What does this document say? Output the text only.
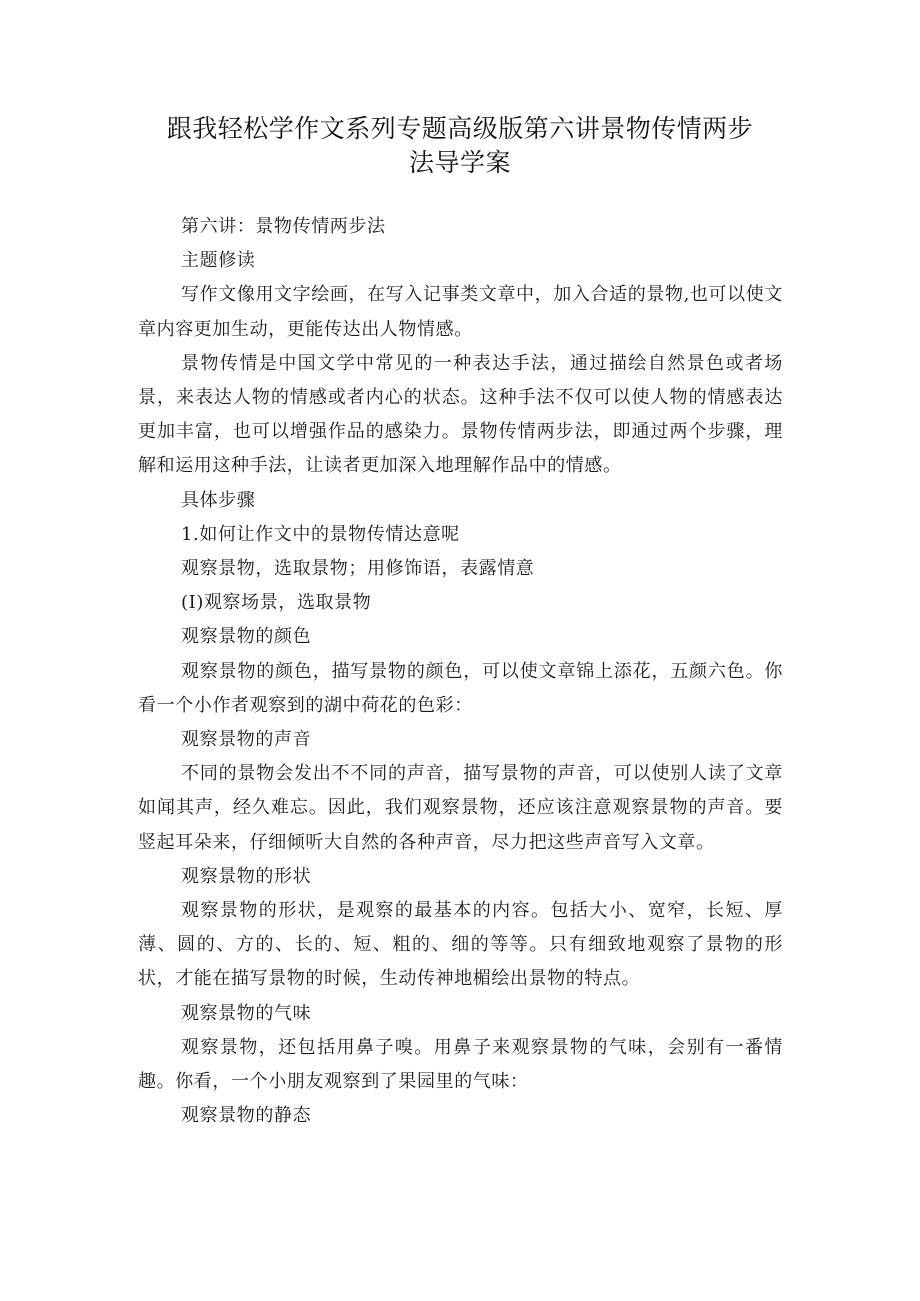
跟我轻松学作文系列专题高级版第六讲景物传情两步
法导学案

第六讲：景物传情两步法

主题修读

写作文像用文字绘画，在写入记事类文章中，加入合适的景物,也可以使文章内容更加生动，更能传达出人物情感。

景物传情是中国文学中常见的一种表达手法，通过描绘自然景色或者场景，来表达人物的情感或者内心的状态。这种手法不仅可以使人物的情感表达更加丰富，也可以增强作品的感染力。景物传情两步法，即通过两个步骤，理解和运用这种手法，让读者更加深入地理解作品中的情感。

具体步骤

1.如何让作文中的景物传情达意呢

观察景物，选取景物；用修饰语，表露情意

(I)观察场景，选取景物

观察景物的颜色

观察景物的颜色，描写景物的颜色，可以使文章锦上添花，五颜六色。你看一个小作者观察到的湖中荷花的色彩：

观察景物的声音

不同的景物会发出不不同的声音，描写景物的声音，可以使别人读了文章如闻其声，经久难忘。因此，我们观察景物，还应该注意观察景物的声音。要竖起耳朵来，仔细倾听大自然的各种声音，尽力把这些声音写入文章。

观察景物的形状

观察景物的形状，是观察的最基本的内容。包括大小、宽窄，长短、厚薄、圆的、方的、长的、短、粗的、细的等等。只有细致地观察了景物的形状，才能在描写景物的时候，生动传神地楣绘出景物的特点。

观察景物的气味

观察景物，还包括用鼻子嗅。用鼻子来观察景物的气味，会别有一番情趣。你看，一个小朋友观察到了果园里的气味：

观察景物的静态
